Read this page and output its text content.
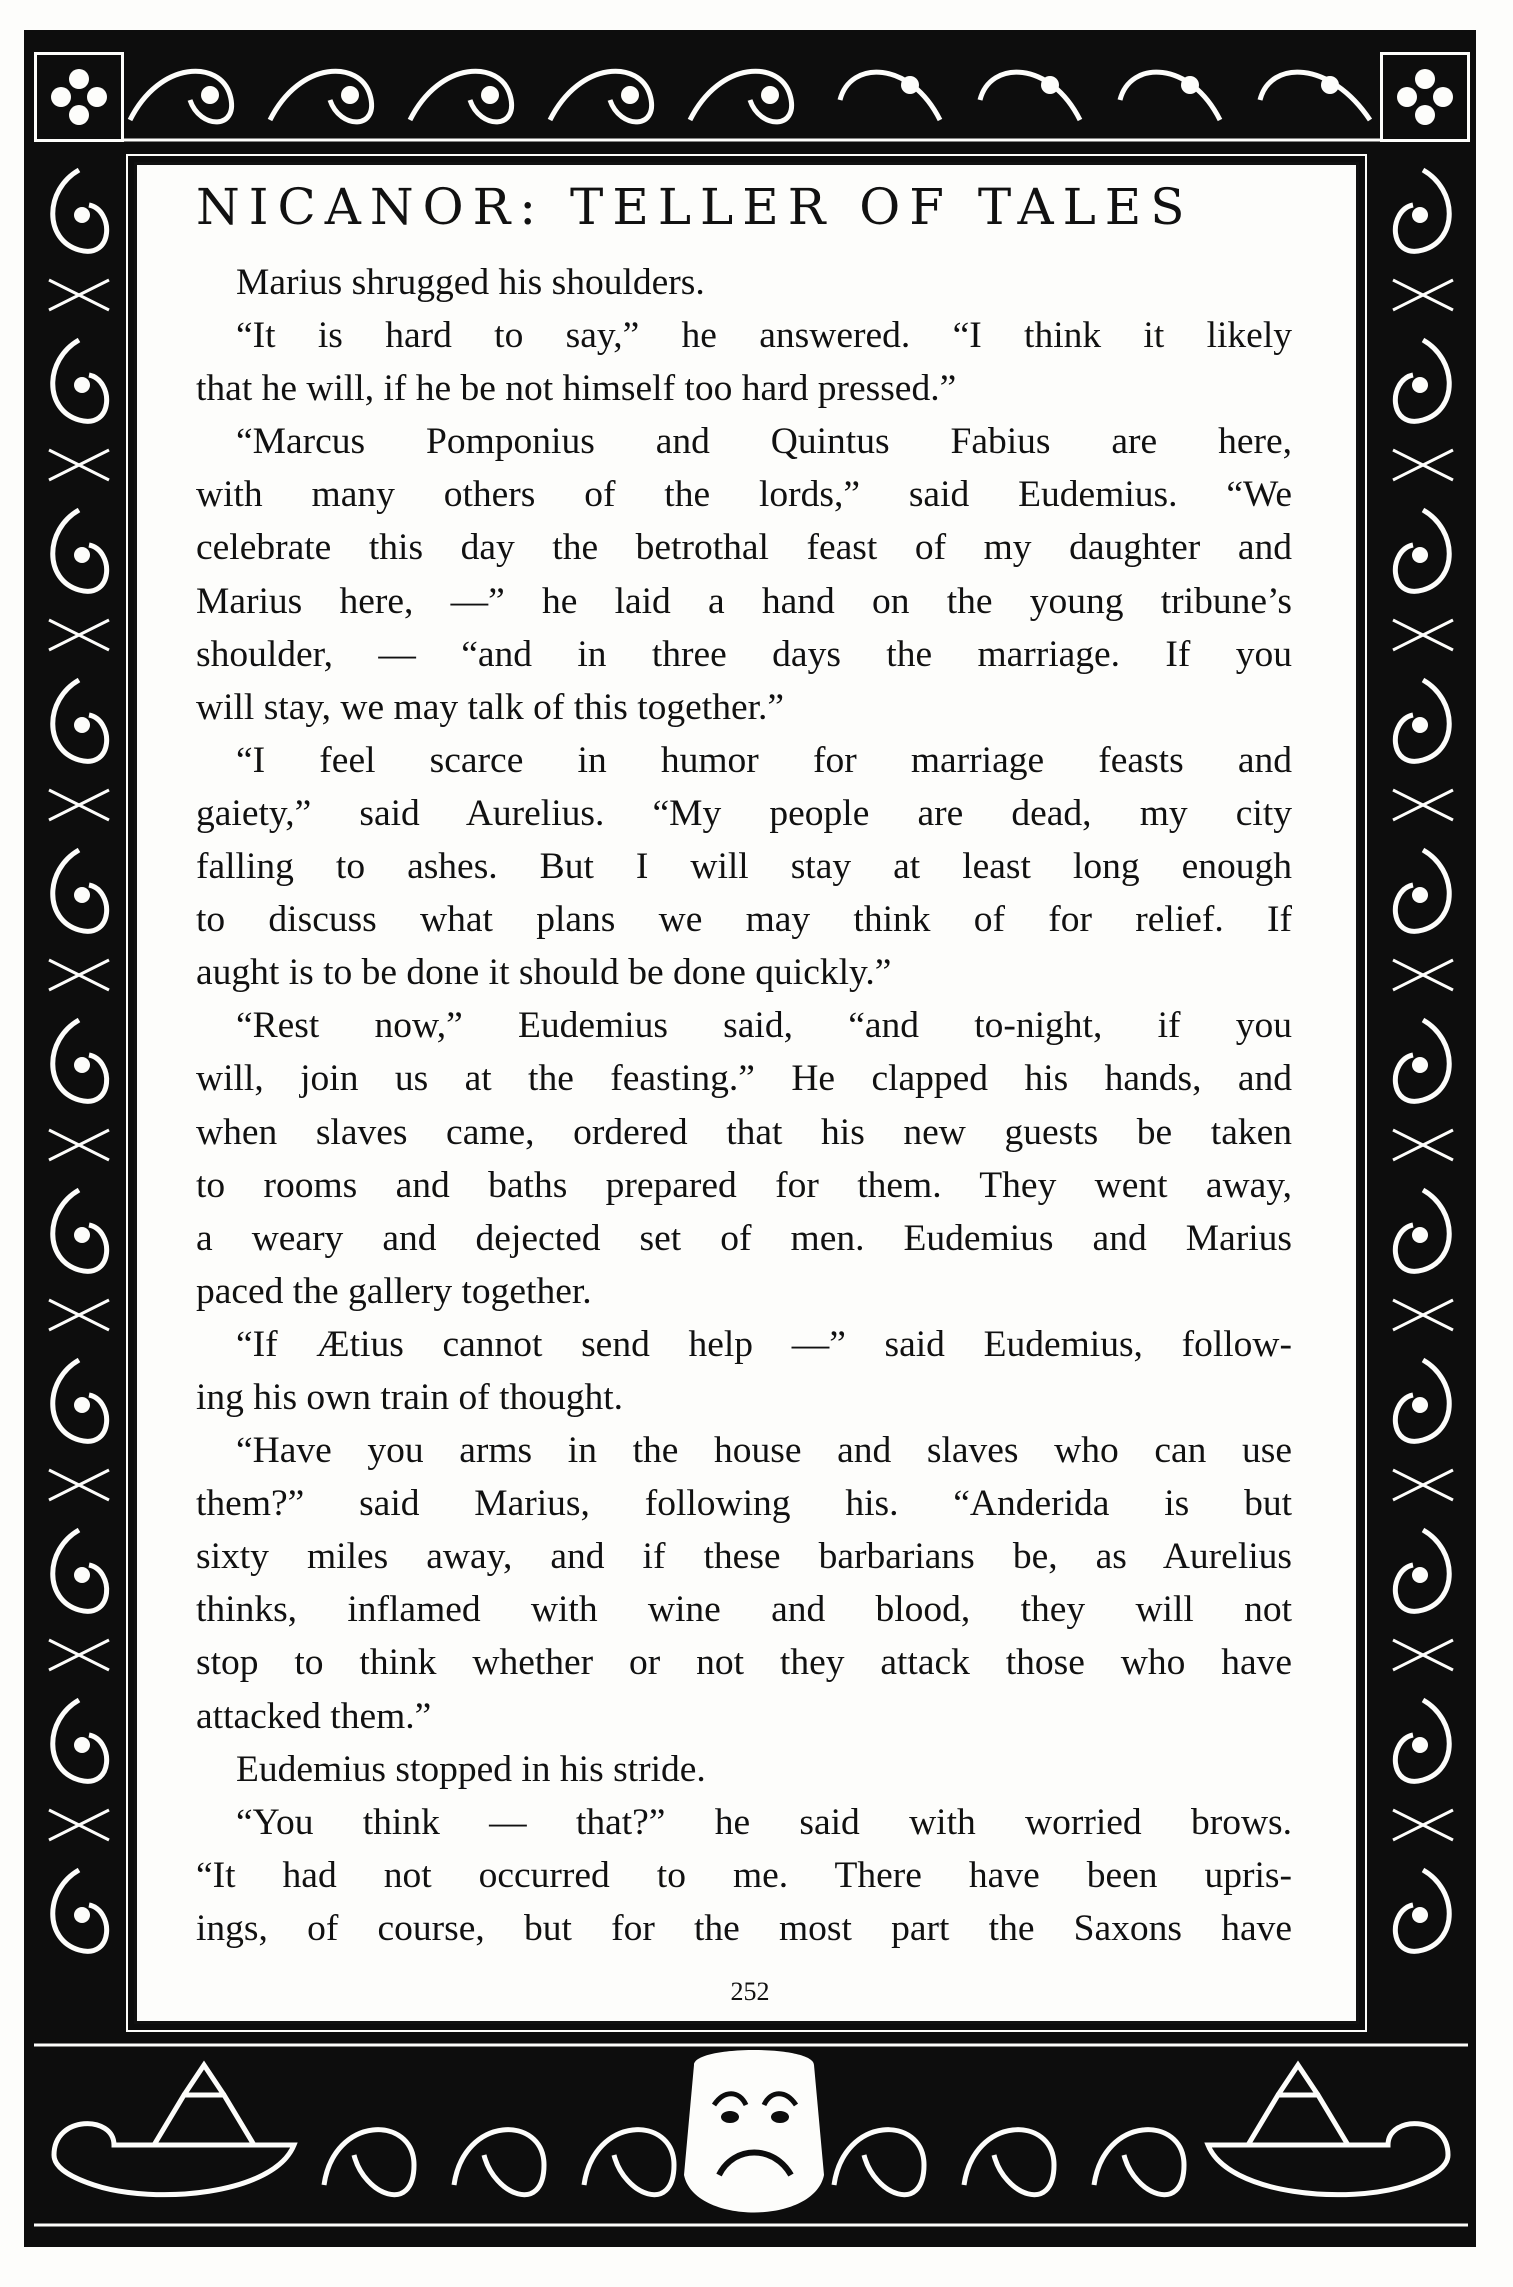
NICANOR: TELLER OF TALES

Marius shrugged his shoulders.

“It is hard to say,” he answered. “I think it likely

that he will, if he be not himself too hard pressed.”

“Marcus Pomponius and Quintus Fabius are here,

with many others of the lords,” said Eudemius. “We

celebrate this day the betrothal feast of my daughter and

Marius here, —” he laid a hand on the young tribune’s

shoulder, — “and in three days the marriage. If you

will stay, we may talk of this together.”

“I feel scarce in humor for marriage feasts and

gaiety,” said Aurelius. “My people are dead, my city

falling to ashes. But I will stay at least long enough

to discuss what plans we may think of for relief. If

aught is to be done it should be done quickly.”

“Rest now,” Eudemius said, “and to-night, if you

will, join us at the feasting.” He clapped his hands, and

when slaves came, ordered that his new guests be taken

to rooms and baths prepared for them. They went away,

a weary and dejected set of men. Eudemius and Marius

paced the gallery together.

“If Ætius cannot send help —” said Eudemius, follow-

ing his own train of thought.

“Have you arms in the house and slaves who can use

them?” said Marius, following his. “Anderida is but

sixty miles away, and if these barbarians be, as Aurelius

thinks, inflamed with wine and blood, they will not

stop to think whether or not they attack those who have

attacked them.”

Eudemius stopped in his stride.

“You think — that?” he said with worried brows.

“It had not occurred to me. There have been upris-

ings, of course, but for the most part the Saxons have

252
